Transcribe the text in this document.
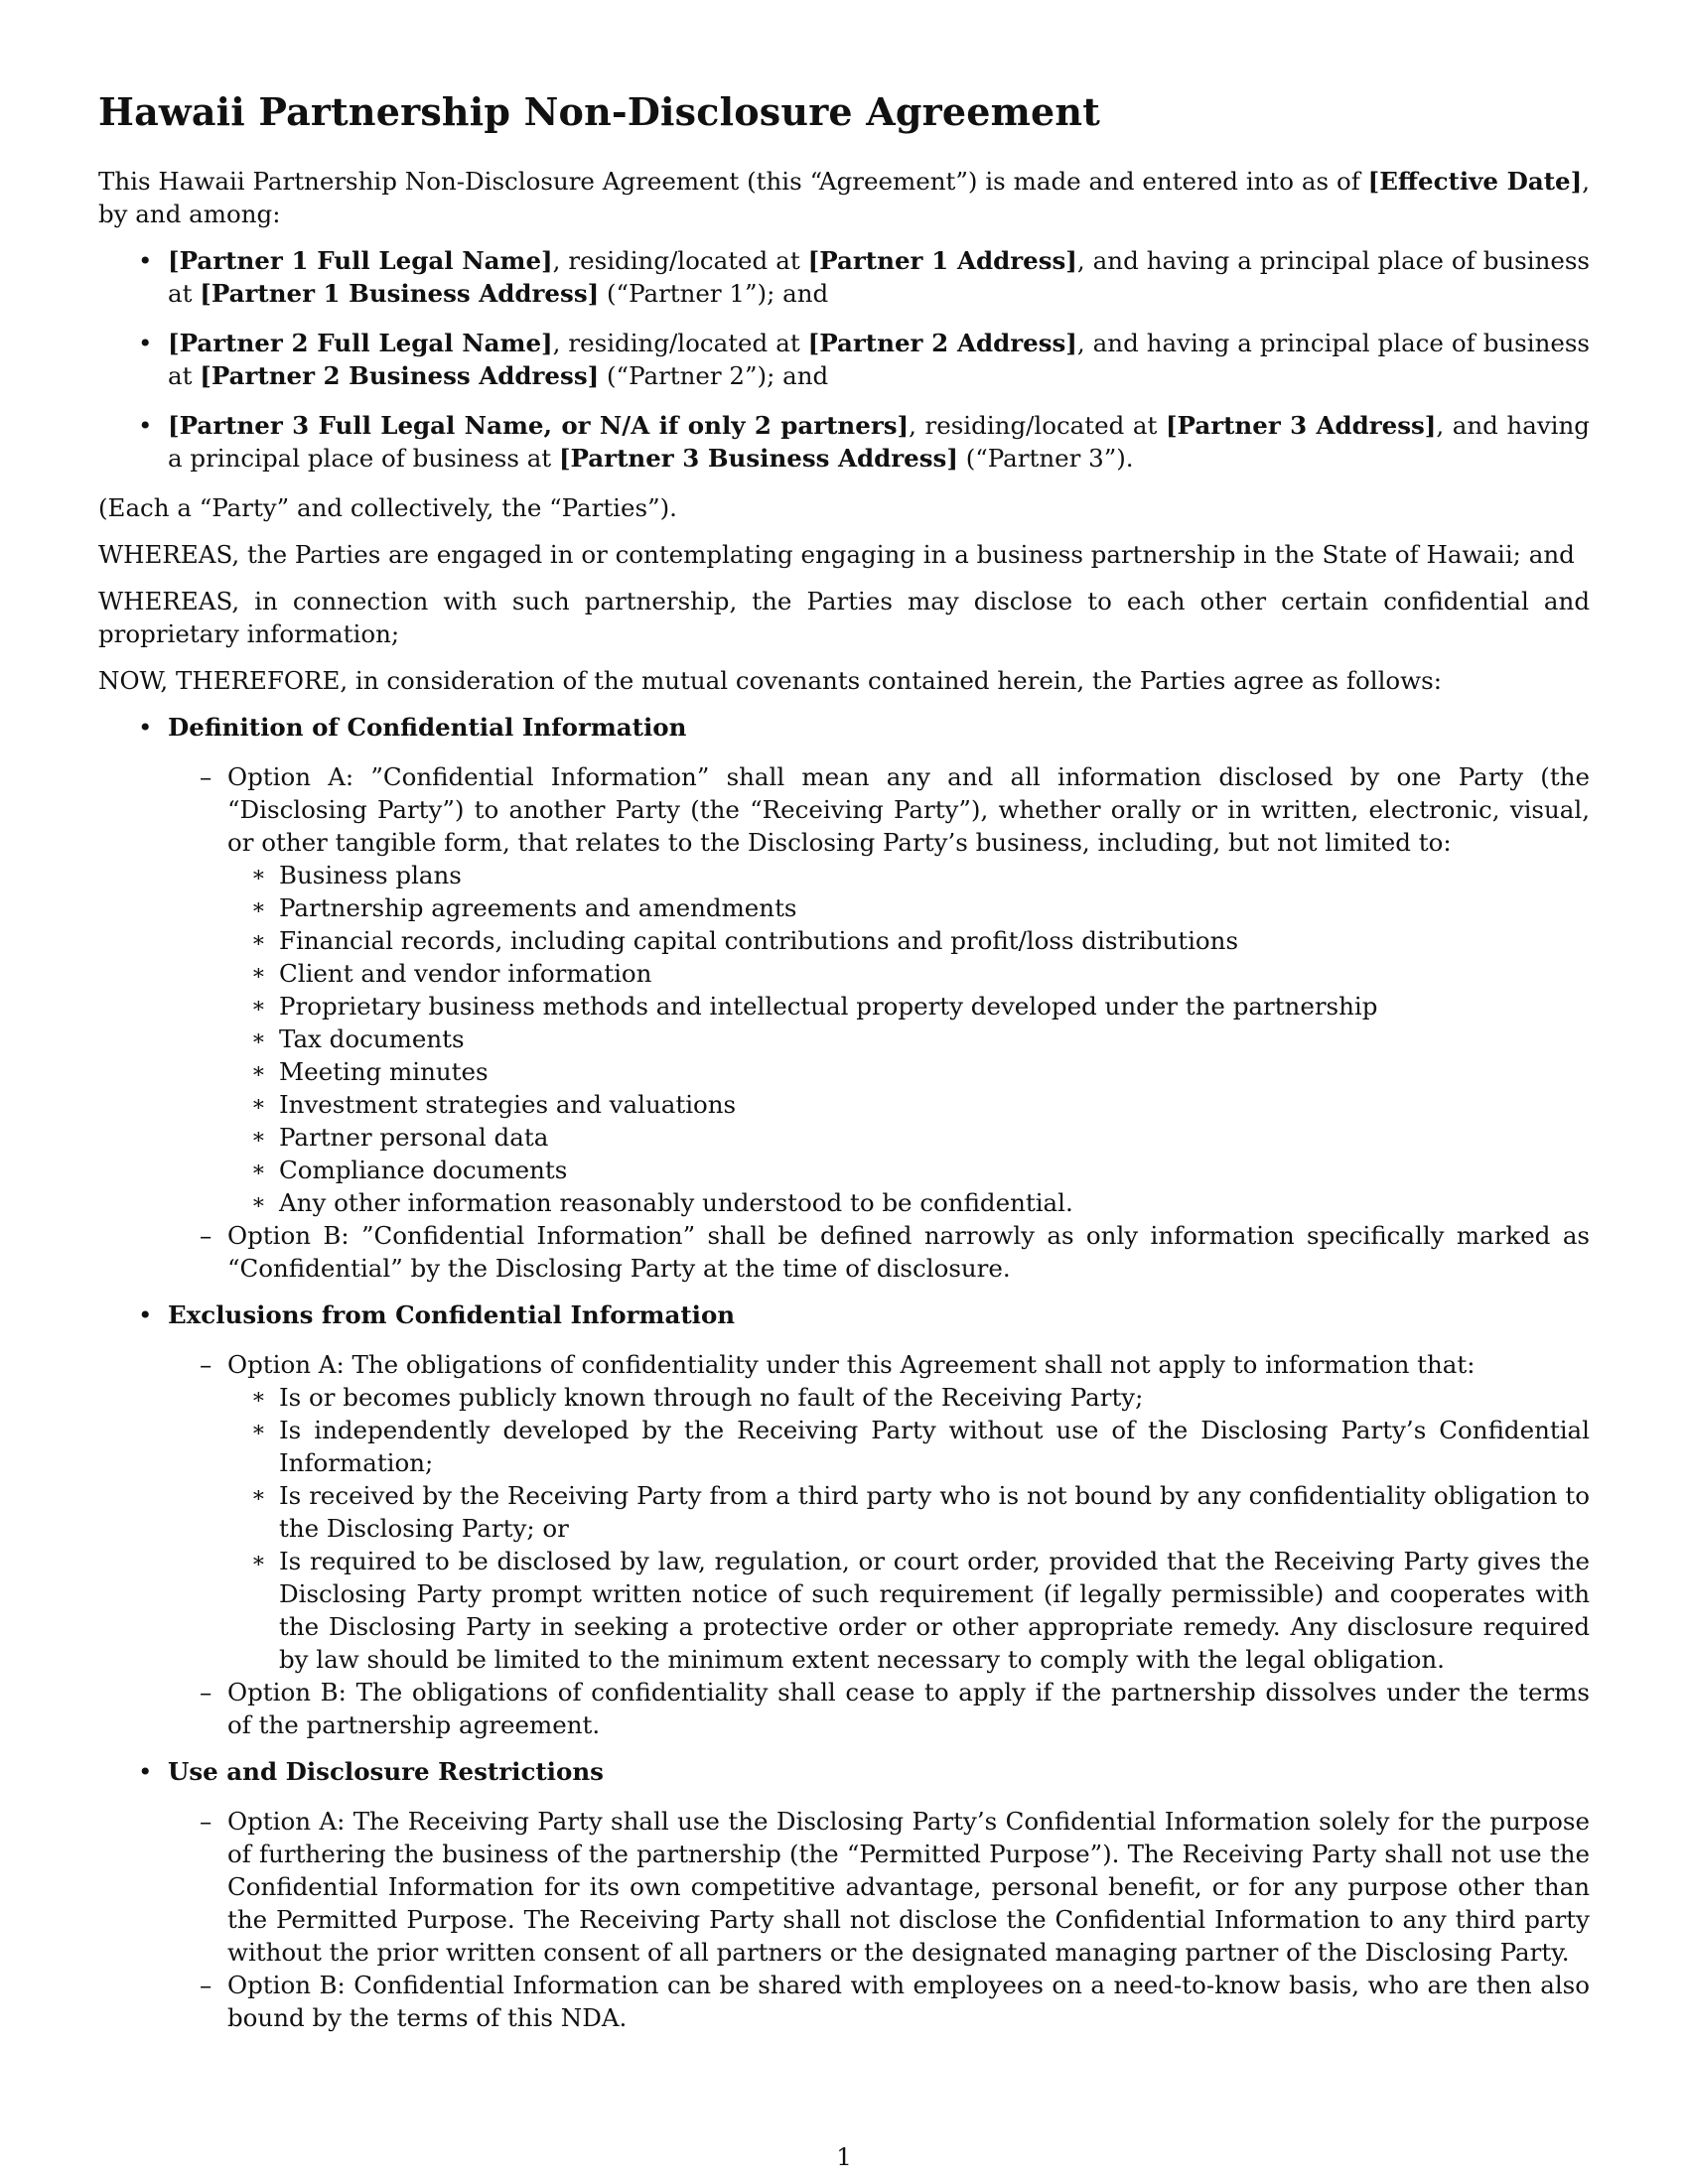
Hawaii Partnership Non-Disclosure Agreement

This Hawaii Partnership Non-Disclosure Agreement (this “Agreement”) is made and entered into as of [Effective Date], by and among:

• [Partner 1 Full Legal Name], residing/located at [Partner 1 Address], and having a principal place of business at [Partner 1 Business Address] (“Partner 1”); and
• [Partner 2 Full Legal Name], residing/located at [Partner 2 Address], and having a principal place of business at [Partner 2 Business Address] (“Partner 2”); and
• [Partner 3 Full Legal Name, or N/A if only 2 partners], residing/located at [Partner 3 Address], and having a principal place of business at [Partner 3 Business Address] (“Partner 3”).

(Each a “Party” and collectively, the “Parties”).

WHEREAS, the Parties are engaged in or contemplating engaging in a business partnership in the State of Hawaii; and

WHEREAS, in connection with such partnership, the Parties may disclose to each other certain confidential and proprietary information;

NOW, THEREFORE, in consideration of the mutual covenants contained herein, the Parties agree as follows:

• Definition of Confidential Information
– Option A: ”Confidential Information” shall mean any and all information disclosed by one Party (the “Disclosing Party”) to another Party (the “Receiving Party”), whether orally or in written, electronic, visual, or other tangible form, that relates to the Disclosing Party’s business, including, but not limited to:
∗ Business plans
∗ Partnership agreements and amendments
∗ Financial records, including capital contributions and profit/loss distributions
∗ Client and vendor information
∗ Proprietary business methods and intellectual property developed under the partnership
∗ Tax documents
∗ Meeting minutes
∗ Investment strategies and valuations
∗ Partner personal data
∗ Compliance documents
∗ Any other information reasonably understood to be confidential.
– Option B: ”Confidential Information” shall be defined narrowly as only information specifically marked as “Confidential” by the Disclosing Party at the time of disclosure.
• Exclusions from Confidential Information
– Option A: The obligations of confidentiality under this Agreement shall not apply to information that:
∗ Is or becomes publicly known through no fault of the Receiving Party;
∗ Is independently developed by the Receiving Party without use of the Disclosing Party’s Confidential Information;
∗ Is received by the Receiving Party from a third party who is not bound by any confidentiality obligation to the Disclosing Party; or
∗ Is required to be disclosed by law, regulation, or court order, provided that the Receiving Party gives the Disclosing Party prompt written notice of such requirement (if legally permissible) and cooperates with the Disclosing Party in seeking a protective order or other appropriate remedy. Any disclosure required by law should be limited to the minimum extent necessary to comply with the legal obligation.
– Option B: The obligations of confidentiality shall cease to apply if the partnership dissolves under the terms of the partnership agreement.
• Use and Disclosure Restrictions
– Option A: The Receiving Party shall use the Disclosing Party’s Confidential Information solely for the purpose of furthering the business of the partnership (the “Permitted Purpose”). The Receiving Party shall not use the Confidential Information for its own competitive advantage, personal benefit, or for any purpose other than the Permitted Purpose. The Receiving Party shall not disclose the Confidential Information to any third party without the prior written consent of all partners or the designated managing partner of the Disclosing Party.
– Option B: Confidential Information can be shared with employees on a need-to-know basis, who are then also bound by the terms of this NDA.
1
